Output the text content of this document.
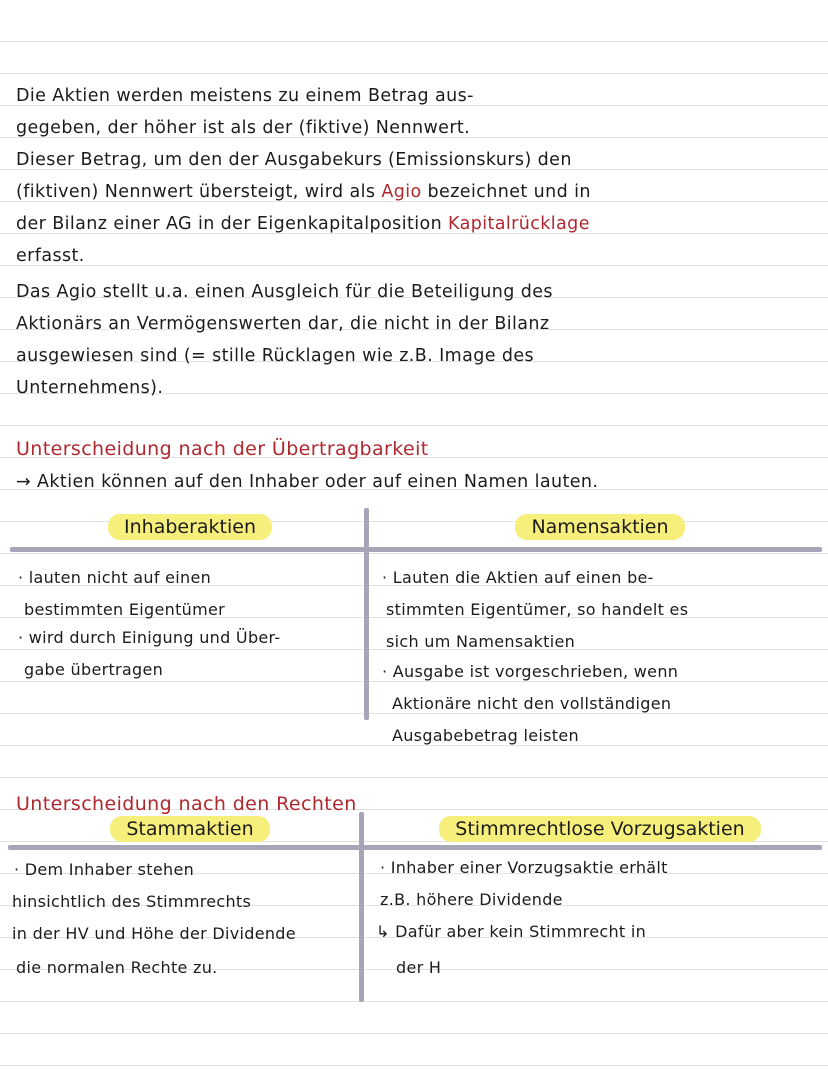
Die Aktien werden meistens zu einem Betrag aus-
gegeben, der höher ist als der (fiktive) Nennwert.
Dieser Betrag, um den der Ausgabekurs (Emissionskurs) den
(fiktiven) Nennwert übersteigt, wird als Agio bezeichnet und in
der Bilanz einer AG in der Eigenkapitalposition Kapitalrücklage
erfasst.
Das Agio stellt u.a. einen Ausgleich für die Beteiligung des
Aktionärs an Vermögenswerten dar, die nicht in der Bilanz
ausgewiesen sind (= stille Rücklagen wie z.B. Image des
Unternehmens).
Unterscheidung nach der Übertragbarkeit
→ Aktien können auf den Inhaber oder auf einen Namen lauten.
Inhaberaktien	Namensaktien
· lauten nicht auf einen
bestimmten Eigentümer
· wird durch Einigung und Über-
gabe übertragen
· Lauten die Aktien auf einen be-
stimmten Eigentümer, so handelt es
sich um Namensaktien
· Ausgabe ist vorgeschrieben, wenn
Aktionäre nicht den vollständigen
Ausgabebetrag leisten
Unterscheidung nach den Rechten
Stammaktien	Stimmrechtlose Vorzugsaktien
· Dem Inhaber stehen
hinsichtlich des Stimmrechts
in der HV und Höhe der Dividende
die normalen Rechte zu.
· Inhaber einer Vorzugsaktie erhält
z.B. höhere Dividende
↳ Dafür aber kein Stimmrecht in
der H
